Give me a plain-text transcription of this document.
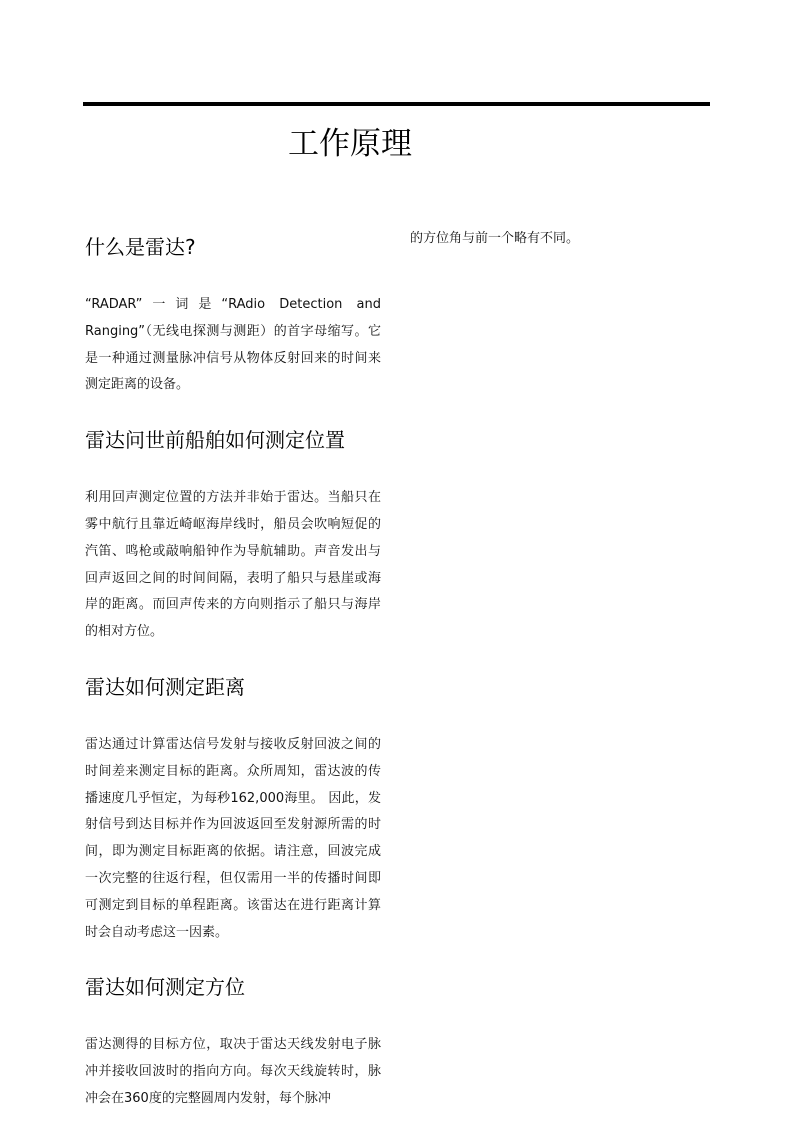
工作原理
什么是雷达?

“RADAR”一词是“RAdio Detection and Ranging”（无线电探测与测距）的首字母缩写。它是一种通过测量脉冲信号从物体反射回来的时间来测定距离的设备。

雷达问世前船舶如何测定位置

利用回声测定位置的方法并非始于雷达。当船只在雾中航行且靠近崎岖海岸线时，船员会吹响短促的汽笛、鸣枪或敲响船钟作为导航辅助。声音发出与回声返回之间的时间间隔，表明了船只与悬崖或海岸的距离。而回声传来的方向则指示了船只与海岸的相对方位。

雷达如何测定距离

雷达通过计算雷达信号发射与接收反射回波之间的时间差来测定目标的距离。众所周知，雷达波的传播速度几乎恒定，为每秒162,000海里。 因此，发射信号到达目标并作为回波返回至发射源所需的时间，即为测定目标距离的依据。请注意，回波完成一次完整的往返行程，但仅需用一半的传播时间即可测定到目标的单程距离。该雷达在进行距离计算时会自动考虑这一因素。

雷达如何测定方位

雷达测得的目标方位，取决于雷达天线发射电子脉冲并接收回波时的指向方向。每次天线旋转时，脉冲会在360度的完整圆周内发射，每个脉冲

的方位角与前一个略有不同。
